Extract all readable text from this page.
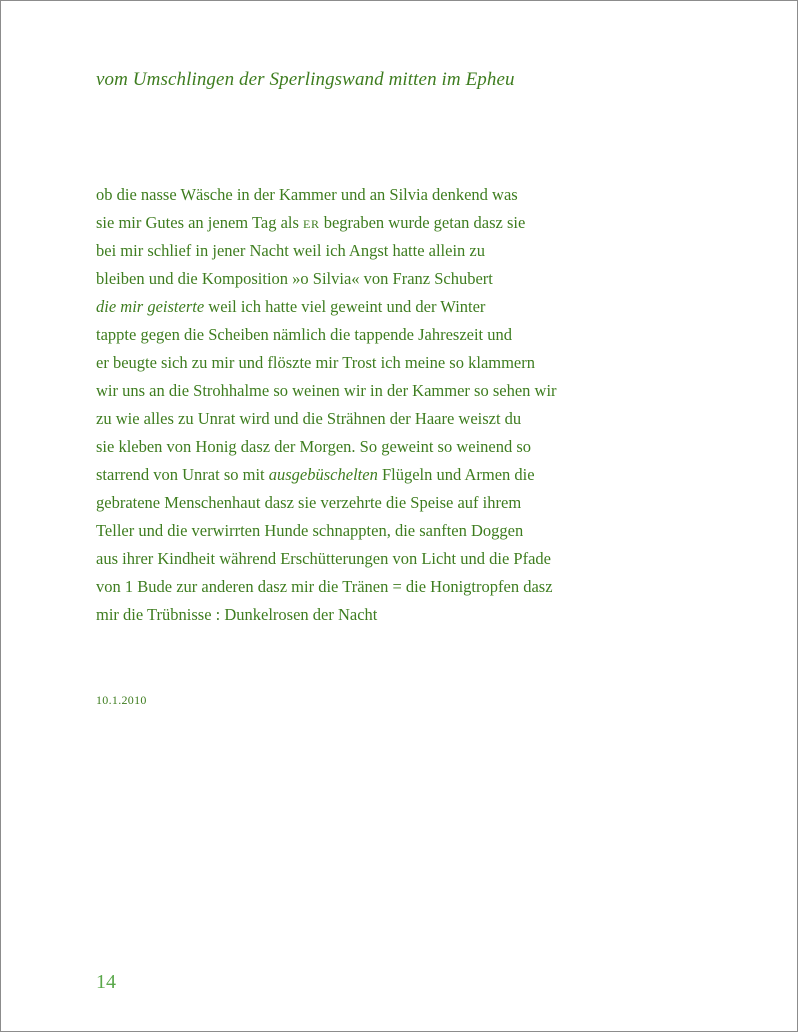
vom Umschlingen der Sperlingswand mitten im Epheu
ob die nasse Wäsche in der Kammer und an Silvia denkend was
sie mir Gutes an jenem Tag als ER begraben wurde getan dasz sie
bei mir schlief in jener Nacht weil ich Angst hatte allein zu
bleiben und die Komposition »o Silvia« von Franz Schubert
die mir geisterte weil ich hatte viel geweint und der Winter
tappte gegen die Scheiben nämlich die tappende Jahreszeit und
er beugte sich zu mir und flöszte mir Trost ich meine so klammern
wir uns an die Strohhalme so weinen wir in der Kammer so sehen wir
zu wie alles zu Unrat wird und die Strähnen der Haare weiszt du
sie kleben von Honig dasz der Morgen. So geweint so weinend so
starrend von Unrat so mit ausgebüschelten Flügeln und Armen die
gebratene Menschenhaut dasz sie verzehrte die Speise auf ihrem
Teller und die verwirrten Hunde schnappten, die sanften Doggen
aus ihrer Kindheit während Erschütterungen von Licht und die Pfade
von 1 Bude zur anderen dasz mir die Tränen = die Honigtropfen dasz
mir die Trübnisse : Dunkelrosen der Nacht
10.1.2010
14
